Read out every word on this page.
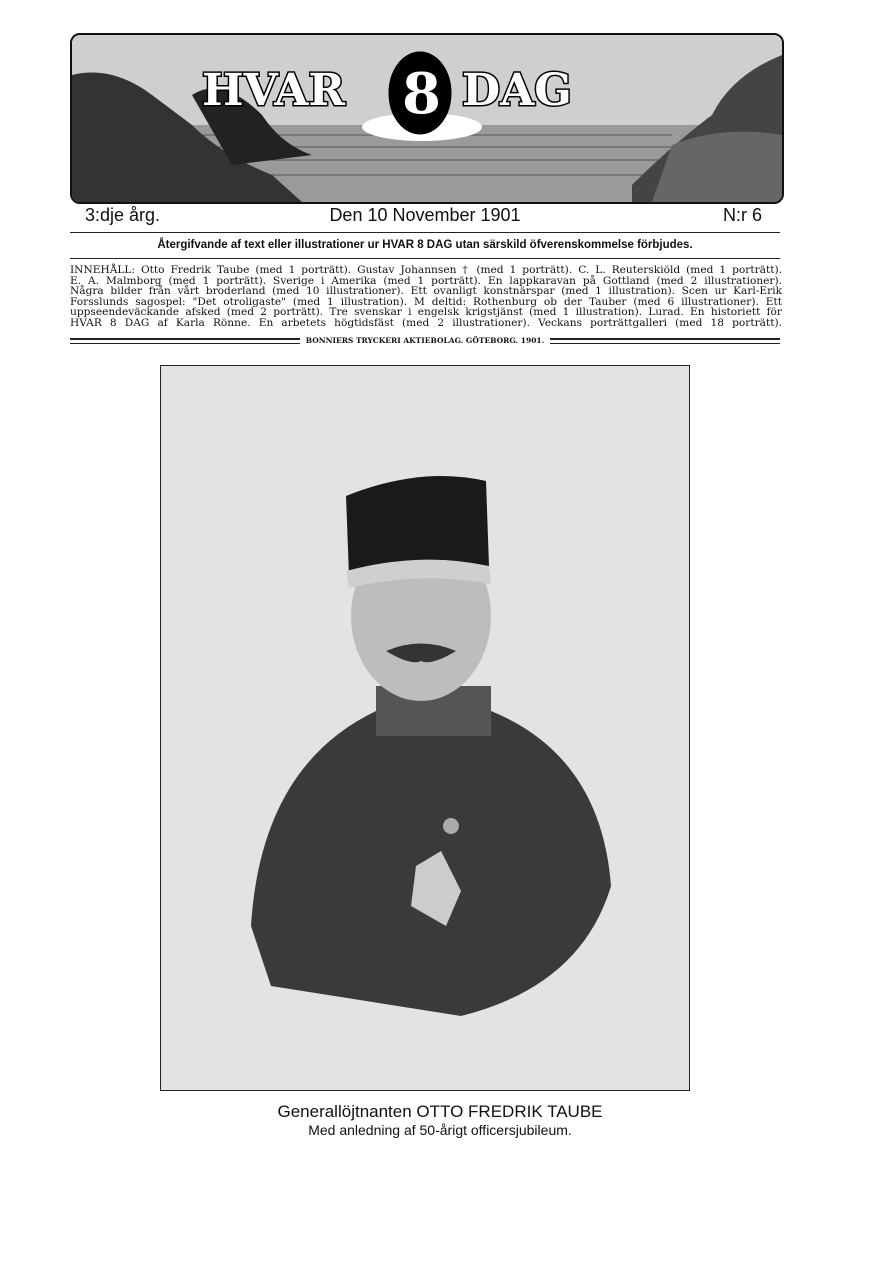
HVAR 8 DAG
3:dje årg.	Den 10 November 1901	N:r 6
Återgifvande af text eller illustrationer ur HVAR 8 DAG utan särskild öfverenskommelse förbjudes.
INNEHÅLL: Otto Fredrik Taube (med 1 porträtt). Gustav Johannsen † (med 1 porträtt). C. L. Reuterskiöld (med 1 porträtt).
E. A. Malmborg (med 1 porträtt). Sverige i Amerika (med 1 porträtt). En lappkaravan på Gottland (med 2 illustrationer).
Några bilder från vårt broderland (med 10 illustrationer). Ett ovanligt konstnärspar (med 1 illustration). Scen ur Karl-Erik
Forsslunds sagospel: "Det otroligaste" (med 1 illustration). M deltid: Rothenburg ob der Tauber (med 6 illustrationer). Ett
uppseendeväckande afsked (med 2 porträtt). Tre svenskar i engelsk krigstjänst (med 1 illustration). Lurad. En historiett för
HVAR 8 DAG af Karla Rönne. En arbetets högtidsfäst (med 2 illustrationer). Veckans porträttgalleri (med 18 porträtt).
BONNIERS TRYCKERI AKTIEBOLAG. GÖTEBORG. 1901.
Generallöjtnanten OTTO FREDRIK TAUBE
Med anledning af 50-årigt officersjubileum.
